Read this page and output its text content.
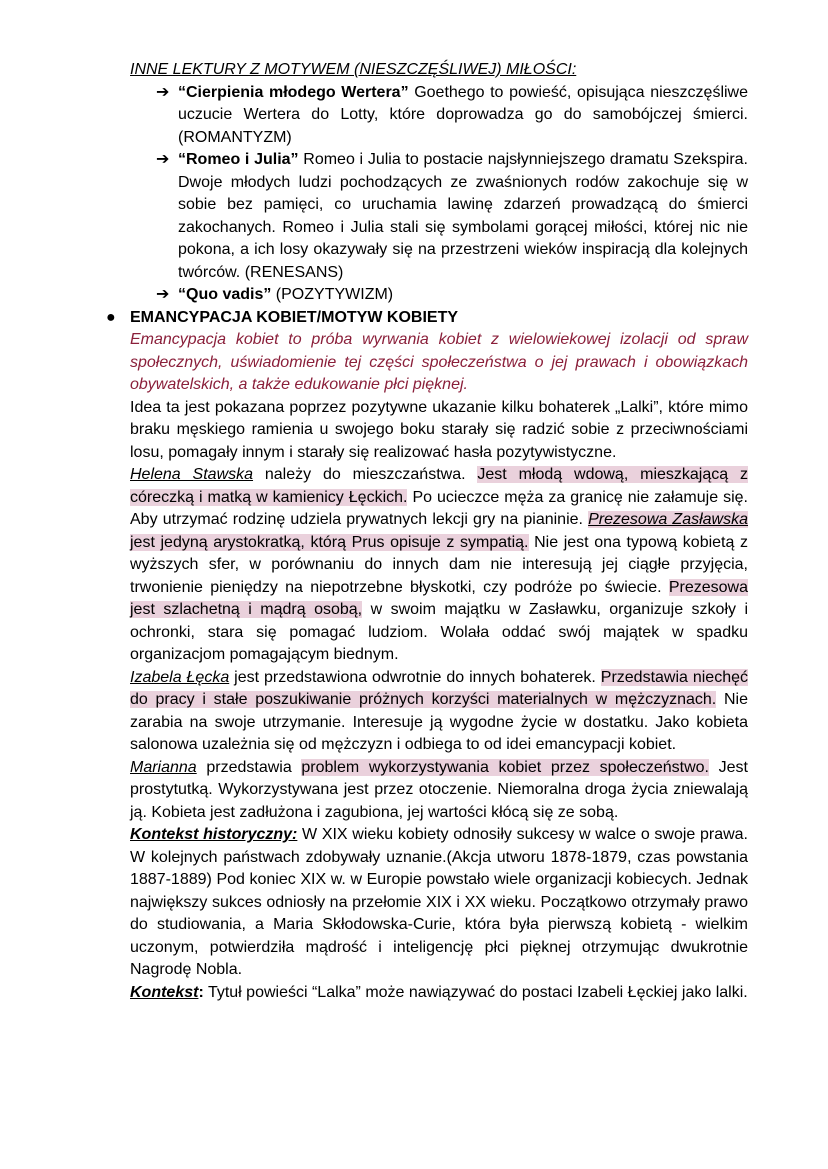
INNE LEKTURY Z MOTYWEM (NIESZCZĘŚLIWEJ) MIŁOŚCI:
➔ “Cierpienia młodego Wertera” Goethego to powieść, opisująca nieszczęśliwe uczucie Wertera do Lotty, które doprowadza go do samobójczej śmierci. (ROMANTYZM)
➔ “Romeo i Julia” Romeo i Julia to postacie najsłynniejszego dramatu Szekspira. Dwoje młodych ludzi pochodzących ze zwaśnionych rodów zakochuje się w sobie bez pamięci, co uruchamia lawinę zdarzeń prowadzącą do śmierci zakochanych. Romeo i Julia stali się symbolami gorącej miłości, której nic nie pokona, a ich losy okazywały się na przestrzeni wieków inspiracją dla kolejnych twórców. (RENESANS)
➔ “Quo vadis” (POZYTYWIZM)
● EMANCYPACJA KOBIET/MOTYW KOBIETY

Emancypacja kobiet to próba wyrwania kobiet z wielowiekowej izolacji od spraw społecznych, uświadomienie tej części społeczeństwa o jej prawach i obowiązkach obywatelskich, a także edukowanie płci pięknej.

Idea ta jest pokazana poprzez pozytywne ukazanie kilku bohaterek „Lalki”, które mimo braku męskiego ramienia u swojego boku starały się radzić sobie z przeciwnościami losu, pomagały innym i starały się realizować hasła pozytywistyczne.

Helena Stawska należy do mieszczaństwa. Jest młodą wdową, mieszkającą z córeczką i matką w kamienicy Łęckich. Po ucieczce męża za granicę nie załamuje się. Aby utrzymać rodzinę udziela prywatnych lekcji gry na pianinie. Prezesowa Zasławska jest jedyną arystokratką, którą Prus opisuje z sympatią. Nie jest ona typową kobietą z wyższych sfer, w porównaniu do innych dam nie interesują jej ciągłe przyjęcia, trwonienie pieniędzy na niepotrzebne błyskotki, czy podróże po świecie. Prezesowa jest szlachetną i mądrą osobą, w swoim majątku w Zasławku, organizuje szkoły i ochronki, stara się pomagać ludziom. Wolała oddać swój majątek w spadku organizacjom pomagającym biednym.

Izabela Łęcka jest przedstawiona odwrotnie do innych bohaterek. Przedstawia niechęć do pracy i stałe poszukiwanie próżnych korzyści materialnych w mężczyznach. Nie zarabia na swoje utrzymanie. Interesuje ją wygodne życie w dostatku. Jako kobieta salonowa uzależnia się od mężczyzn i odbiega to od idei emancypacji kobiet.

Marianna przedstawia problem wykorzystywania kobiet przez społeczeństwo. Jest prostytutką. Wykorzystywana jest przez otoczenie. Niemoralna droga życia zniewalają ją. Kobieta jest zadłużona i zagubiona, jej wartości kłócą się ze sobą.

Kontekst historyczny: W XIX wieku kobiety odnosiły sukcesy w walce o swoje prawa. W kolejnych państwach zdobywały uznanie.(Akcja utworu 1878-1879, czas powstania 1887-1889) Pod koniec XIX w. w Europie powstało wiele organizacji kobiecych. Jednak największy sukces odniosły na przełomie XIX i XX wieku. Początkowo otrzymały prawo do studiowania, a Maria Skłodowska-Curie, która była pierwszą kobietą - wielkim uczonym, potwierdziła mądrość i inteligencję płci pięknej otrzymując dwukrotnie Nagrodę Nobla.

Kontekst: Tytuł powieści “Lalka” może nawiązywać do postaci Izabeli Łęckiej jako lalki.
